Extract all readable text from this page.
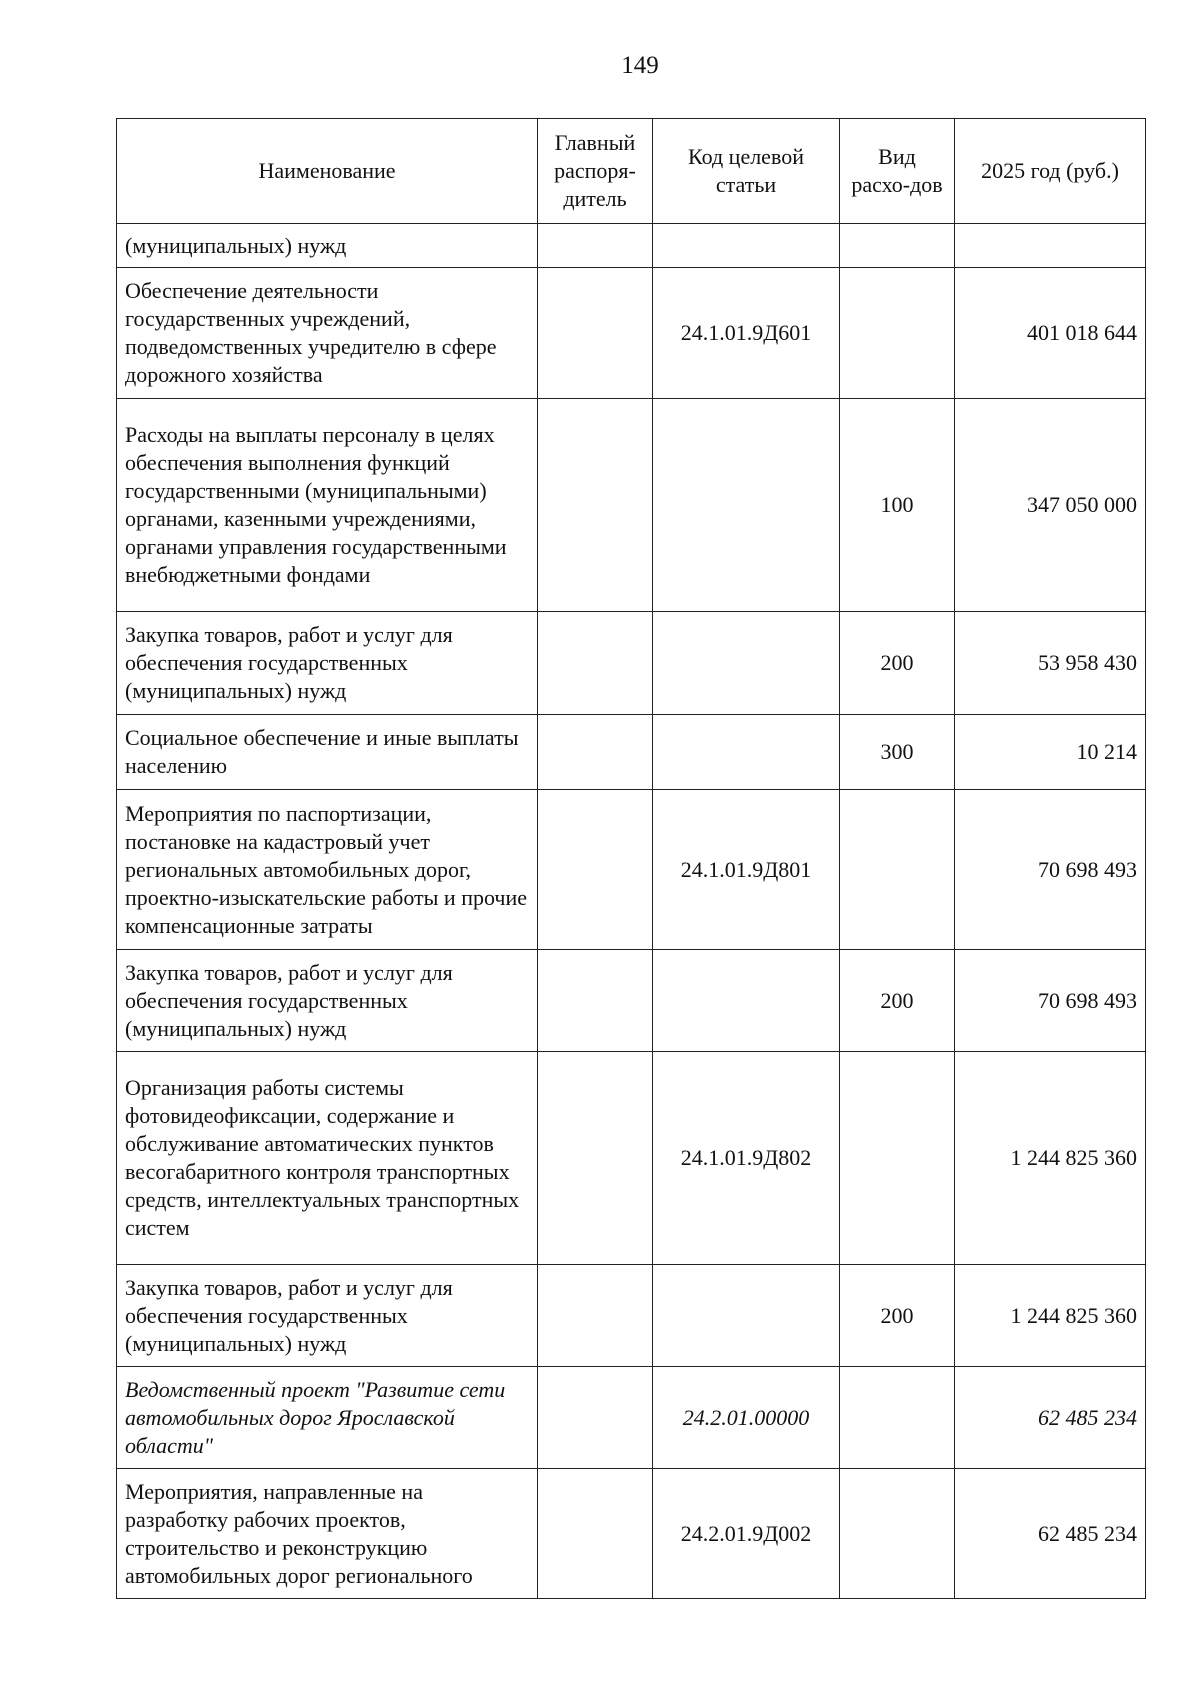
149
Наименование	Главный распоря-дитель	Код целевой статьи	Вид расхо-дов	2025 год (руб.)
(муниципальных) нужд				
Обеспечение деятельности государственных учреждений, подведомственных учредителю в сфере дорожного хозяйства		24.1.01.9Д601		401 018 644
Расходы на выплаты персоналу в целях обеспечения выполнения функций государственными (муниципальными) органами, казенными учреждениями, органами управления государственными внебюджетными фондами			100	347 050 000
Закупка товаров, работ и услуг для обеспечения государственных (муниципальных) нужд			200	53 958 430
Социальное обеспечение и иные выплаты населению			300	10 214
Мероприятия по паспортизации, постановке на кадастровый учет региональных автомобильных дорог, проектно-изыскательские работы и прочие компенсационные затраты		24.1.01.9Д801		70 698 493
Закупка товаров, работ и услуг для обеспечения государственных (муниципальных) нужд			200	70 698 493
Организация работы системы фотовидеофиксации, содержание и обслуживание автоматических пунктов весогабаритного контроля транспортных средств, интеллектуальных транспортных систем		24.1.01.9Д802		1 244 825 360
Закупка товаров, работ и услуг для обеспечения государственных (муниципальных) нужд			200	1 244 825 360
Ведомственный проект "Развитие сети автомобильных дорог Ярославской области"		24.2.01.00000		62 485 234
Мероприятия, направленные на разработку рабочих проектов, строительство и реконструкцию автомобильных дорог регионального		24.2.01.9Д002		62 485 234
